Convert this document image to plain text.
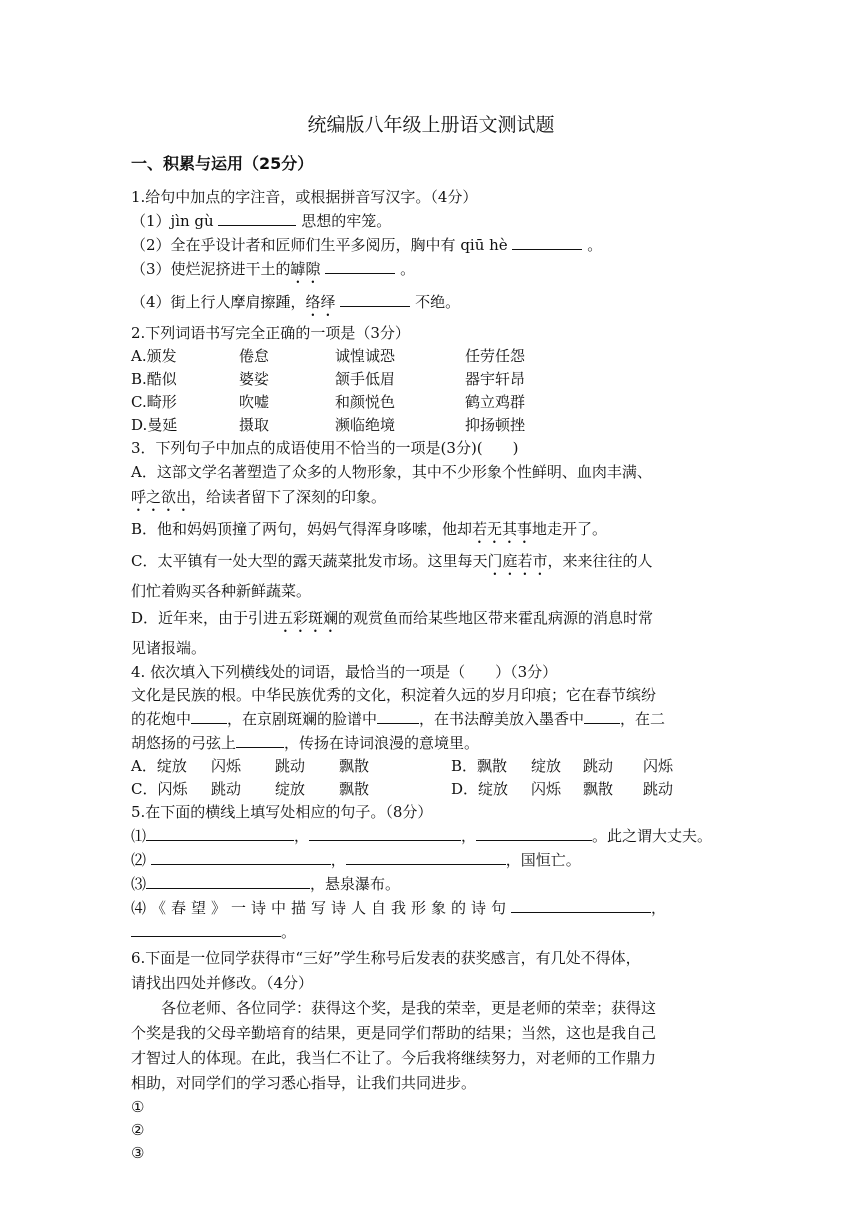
统编版八年级上册语文测试题
一、积累与运用（25分）
1.给句中加点的字注音，或根据拼音写汉字。（4分）
（1）jìn gù	思想的牢笼。
（2）全在乎设计者和匠师们生平多阅历，胸中有 qiū hè	。
（3）使烂泥挤进干土的罅隙	。
（4）街上行人摩肩擦踵，络绎	不绝。
2.下列词语书写完全正确的一项是（3分）
A.颁发	倦怠	诚惶诚恐	任劳任怨
B.酷似	婆娑	颔手低眉	器宇轩昂
C.畸形	吹嘘	和颜悦色	鹤立鸡群
D.曼延	摄取	濒临绝境	抑扬顿挫
3．下列句子中加点的成语使用不恰当的一项是(3分)(　　)
A．这部文学名著塑造了众多的人物形象，其中不少形象个性鲜明、血肉丰满、
呼之欲出，给读者留下了深刻的印象。
B．他和妈妈顶撞了两句，妈妈气得浑身哆嗦，他却若无其事地走开了。
C．太平镇有一处大型的露天蔬菜批发市场。这里每天门庭若市，来来往往的人
们忙着购买各种新鲜蔬菜。
D．近年来，由于引进五彩斑斓的观赏鱼而给某些地区带来霍乱病源的消息时常
见诸报端。
4. 依次填入下列横线处的词语，最恰当的一项是（　　）（3分）
文化是民族的根。中华民族优秀的文化，积淀着久远的岁月印痕；它在春节缤纷
的花炮中 ，在京剧斑斓的脸谱中	，在书法醇美放入墨香中 ，在二
胡悠扬的弓弦上	，传扬在诗词浪漫的意境里。
A．绽放	闪烁	跳动	飘散	B．飘散	绽放	跳动	闪烁
C．闪烁	跳动	绽放	飘散	D．绽放	闪烁	飘散	跳动
5.在下面的横线上填写处相应的句子。（8分）
⑴	，	，	。此之谓大丈夫。
⑵	，	，国恒亡。
⑶	，悬泉瀑布。
⑷《春望》一诗中描写诗人自我形象的诗句	，
。
6.下面是一位同学获得市“三好”学生称号后发表的获奖感言，有几处不得体，
请找出四处并修改。（4分）
各位老师、各位同学：获得这个奖，是我的荣幸，更是老师的荣幸；获得这
个奖是我的父母辛勤培育的结果，更是同学们帮助的结果；当然，这也是我自己
才智过人的体现。在此，我当仁不让了。今后我将继续努力，对老师的工作鼎力
相助，对同学们的学习悉心指导，让我们共同进步。
①
②
③
